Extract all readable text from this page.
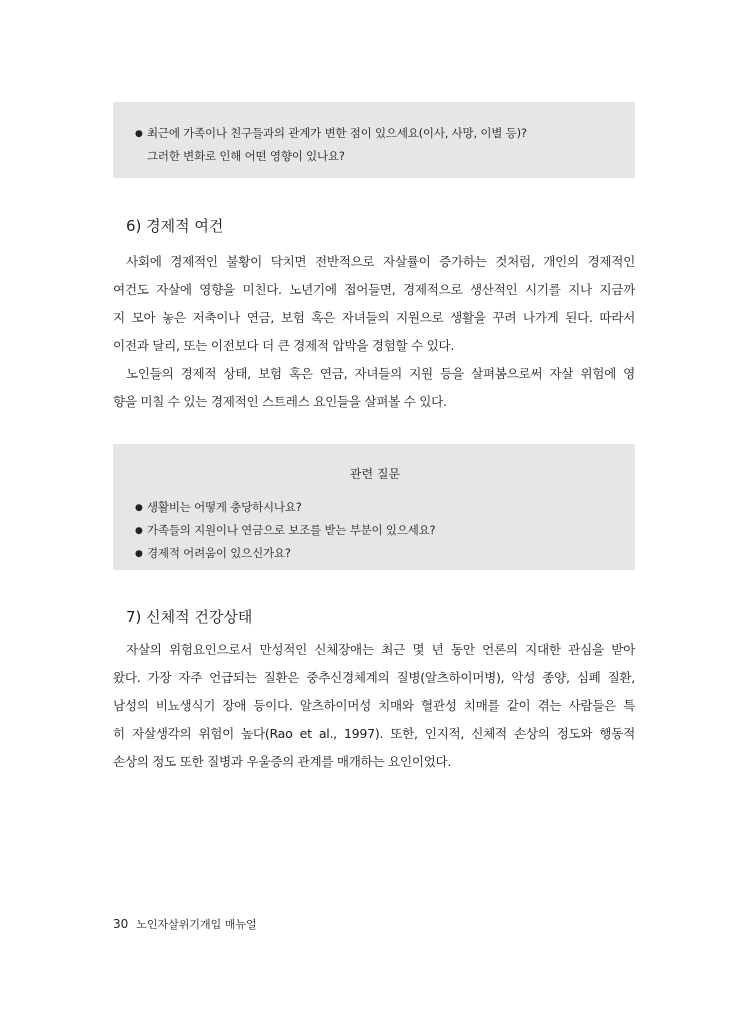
● 최근에 가족이나 친구들과의 관계가 변한 점이 있으세요(이사, 사망, 이별 등)?
그러한 변화로 인해 어떤 영향이 있나요?
6) 경제적 여건
사회에 경제적인 불황이 닥치면 전반적으로 자살률이 증가하는 것처럼, 개인의 경제적인
여건도 자살에 영향을 미친다. 노년기에 접어들면, 경제적으로 생산적인 시기를 지나 지금까
지 모아 놓은 저축이나 연금, 보험 혹은 자녀들의 지원으로 생활을 꾸려 나가게 된다. 따라서
이전과 달리, 또는 이전보다 더 큰 경제적 압박을 경험할 수 있다.
노인들의 경제적 상태, 보험 혹은 연금, 자녀들의 지원 등을 살펴봄으로써 자살 위험에 영
향을 미칠 수 있는 경제적인 스트레스 요인들을 살펴볼 수 있다.
관련 질문
● 생활비는 어떻게 충당하시나요?
● 가족들의 지원이나 연금으로 보조를 받는 부분이 있으세요?
● 경제적 어려움이 있으신가요?
7) 신체적 건강상태
자살의 위험요인으로서 만성적인 신체장애는 최근 몇 년 동안 언론의 지대한 관심을 받아
왔다. 가장 자주 언급되는 질환은 중추신경체계의 질병(알츠하이머병), 악성 종양, 심폐 질환,
남성의 비뇨생식기 장애 등이다. 알츠하이머성 치매와 혈관성 치매를 같이 겪는 사람들은 특
히 자살생각의 위험이 높다(Rao et al., 1997). 또한, 인지적, 신체적 손상의 정도와 행동적
손상의 정도 또한 질병과 우울증의 관계를 매개하는 요인이었다.
30 노인자살위기개입 매뉴얼
